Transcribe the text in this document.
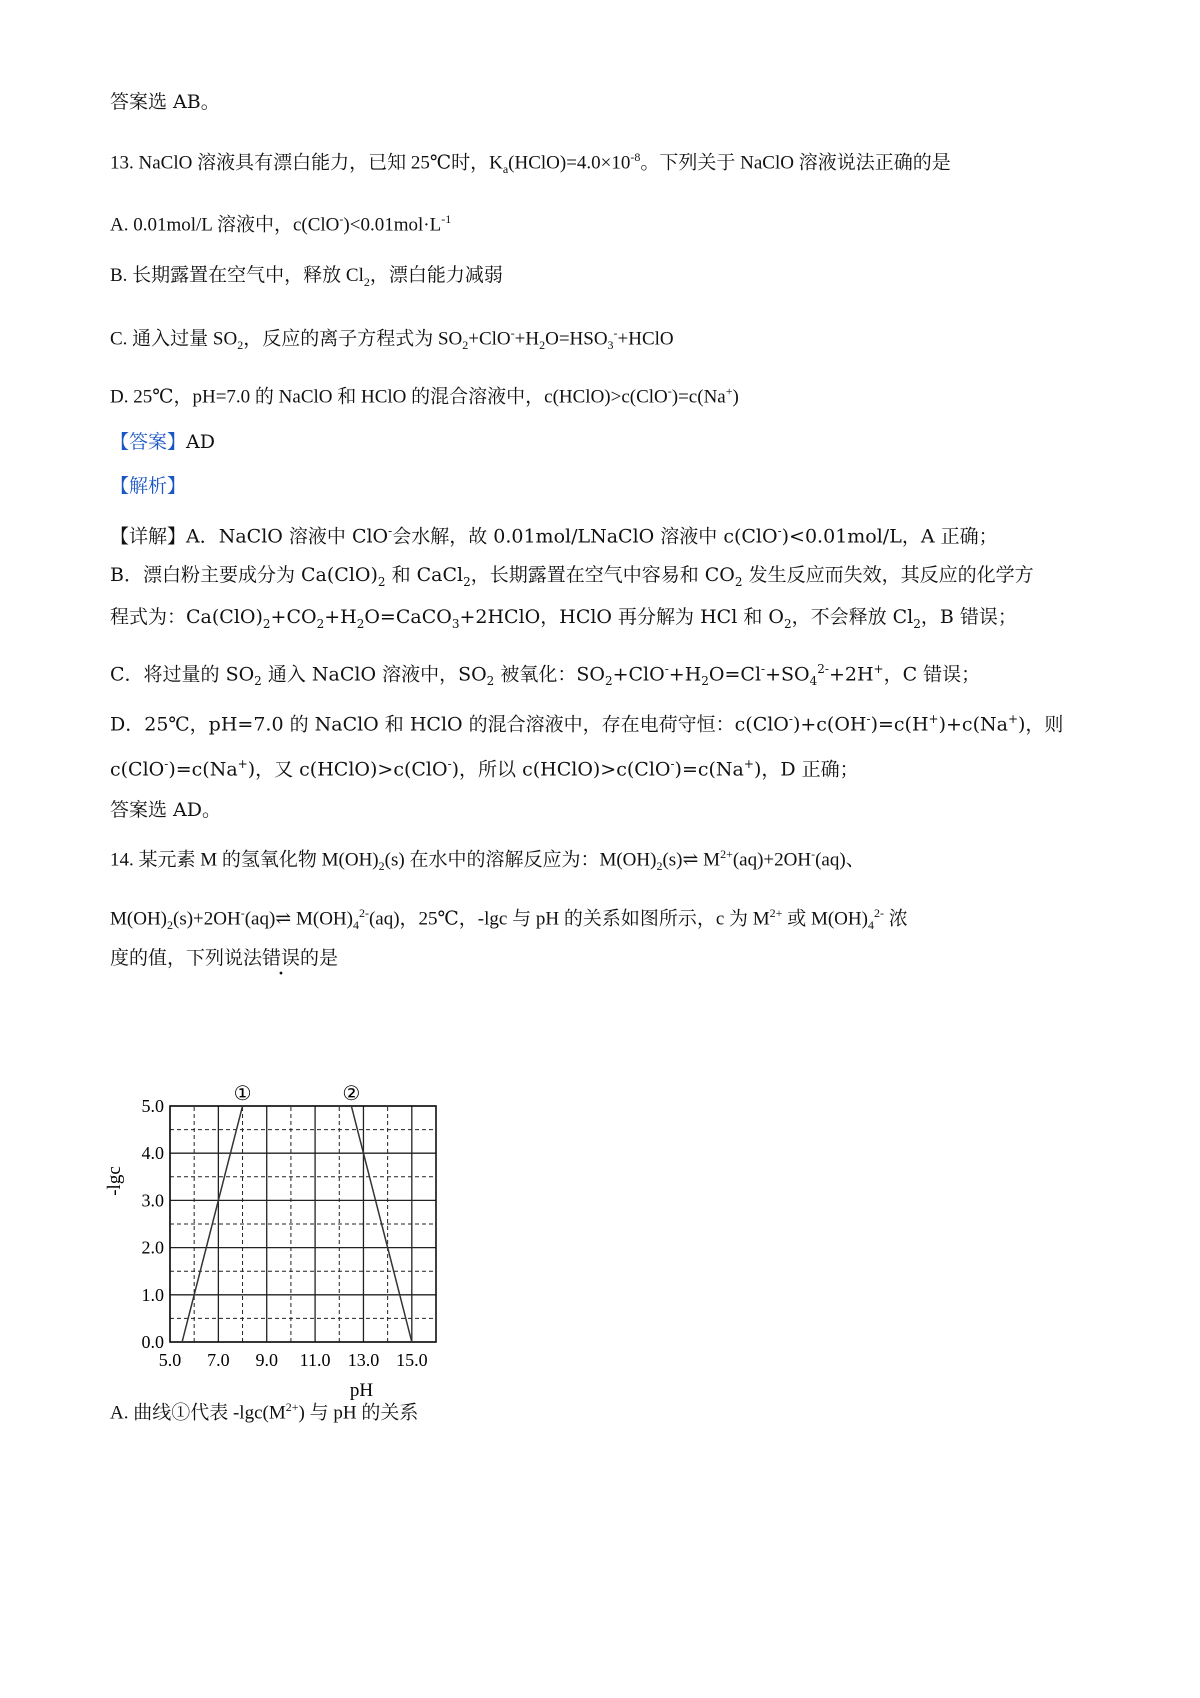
答案选 AB。
13. NaClO 溶液具有漂白能力，已知 25℃时，$K_a(HClO)=4.0\times 10^{-8}$。下列关于 NaClO 溶液说法正确的是
A. 0.01mol/L 溶液中，$c(ClO^-)<0.01mol\cdot L^{-1}$
B. 长期露置在空气中，释放 $Cl_2$，漂白能力减弱
C. 通入过量 $SO_2$，反应的离子方程式为 $SO_2+ClO^-+H_2O=HSO_3^-+HClO$
D. 25℃，pH=7.0 的 NaClO 和 HClO 的混合溶液中，c(HClO)>c(ClO-)=c(Na+)
【答案】AD
【解析】
【详解】A．NaClO 溶液中 ClO-会水解，故 0.01mol/LNaClO 溶液中 c(ClO-)<0.01mol/L，A 正确；
B．漂白粉主要成分为 $Ca(ClO)_2$ 和 CaCl$_2$，长期露置在空气中容易和 $CO_2$ 发生反应而失效，其反应的化学方
程式为：$Ca(ClO)_2+CO_2+H_2O=CaCO_3+2HClO$，HClO 再分解为 HCl 和 $O_2$，不会释放 $Cl_2$，B 错误；
C．将过量的 $SO_2$ 通入 NaClO 溶液中，$SO_2$ 被氧化：$SO_2+ClO^-+H_2O=Cl^-+SO_4^{2-}+2H^+$，C 错误；
D．25℃，pH=7.0 的 NaClO 和 HClO 的混合溶液中，存在电荷守恒：c(ClO-)+c(OH-)=c(H+)+c(Na+)，则
c(ClO-)=c(Na+)，又 c(HClO)>c(ClO-)，所以 c(HClO)>c(ClO-)=c(Na+)，D 正确；
答案选 AD。
14. 某元素 M 的氢氧化物 $M(OH)_2(s)$ 在水中的溶解反应为：$M(OH)_2(s)\rightleftharpoons$ $M^{2+}(aq)+2OH^-(aq)$、
$M(OH)_2(s)+2OH^-(aq)\rightleftharpoons$ $M(OH)_4^{2-}(aq)$，25℃，-lgc 与 pH 的关系如图所示，c 为 $M^{2+}$ 或 $M(OH)_4^{2-}$ 浓
度的值，下列说法错误的是
0.0
1.0
2.0
3.0
4.0
5.0
5.0 7.0 9.0 11.0 13.0 15.0
pH
-lgc
①	②
A. 曲线①代表 $-\lg c(M^{2+})$ 与 pH 的关系
